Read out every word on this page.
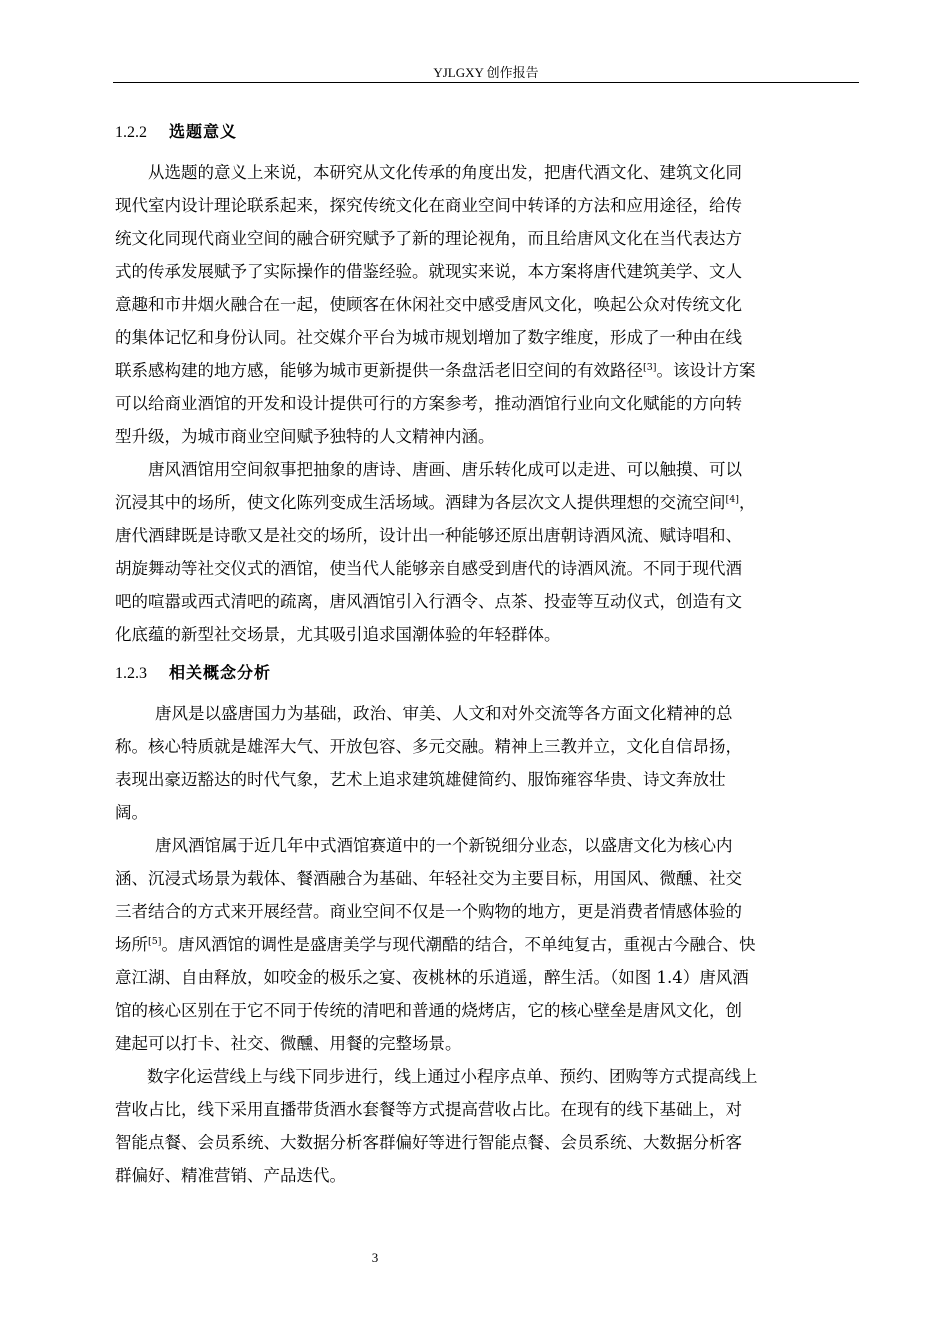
YJLGXY 创作报告
1.2.2 选题意义
从选题的意义上来说，本研究从文化传承的角度出发，把唐代酒文化、建筑文化同
现代室内设计理论联系起来，探究传统文化在商业空间中转译的方法和应用途径，给传
统文化同现代商业空间的融合研究赋予了新的理论视角，而且给唐风文化在当代表达方
式的传承发展赋予了实际操作的借鉴经验。就现实来说，本方案将唐代建筑美学、文人
意趣和市井烟火融合在一起，使顾客在休闲社交中感受唐风文化，唤起公众对传统文化
的集体记忆和身份认同。社交媒介平台为城市规划增加了数字维度，形成了一种由在线
联系感构建的地方感，能够为城市更新提供一条盘活老旧空间的有效路径[3]。该设计方案
可以给商业酒馆的开发和设计提供可行的方案参考，推动酒馆行业向文化赋能的方向转
型升级，为城市商业空间赋予独特的人文精神内涵。
唐风酒馆用空间叙事把抽象的唐诗、唐画、唐乐转化成可以走进、可以触摸、可以
沉浸其中的场所，使文化陈列变成生活场域。酒肆为各层次文人提供理想的交流空间[4]，
唐代酒肆既是诗歌又是社交的场所，设计出一种能够还原出唐朝诗酒风流、赋诗唱和、
胡旋舞动等社交仪式的酒馆，使当代人能够亲自感受到唐代的诗酒风流。不同于现代酒
吧的喧嚣或西式清吧的疏离，唐风酒馆引入行酒令、点茶、投壶等互动仪式，创造有文
化底蕴的新型社交场景，尤其吸引追求国潮体验的年轻群体。
1.2.3 相关概念分析
唐风是以盛唐国力为基础，政治、审美、人文和对外交流等各方面文化精神的总
称。核心特质就是雄浑大气、开放包容、多元交融。精神上三教并立，文化自信昂扬，
表现出豪迈豁达的时代气象，艺术上追求建筑雄健简约、服饰雍容华贵、诗文奔放壮
阔。
唐风酒馆属于近几年中式酒馆赛道中的一个新锐细分业态，以盛唐文化为核心内
涵、沉浸式场景为载体、餐酒融合为基础、年轻社交为主要目标，用国风、微醺、社交
三者结合的方式来开展经营。商业空间不仅是一个购物的地方，更是消费者情感体验的
场所[5]。唐风酒馆的调性是盛唐美学与现代潮酷的结合，不单纯复古，重视古今融合、快
意江湖、自由释放，如咬金的极乐之宴、夜桃林的乐逍遥，醉生活。（如图 1.4）唐风酒
馆的核心区别在于它不同于传统的清吧和普通的烧烤店，它的核心壁垒是唐风文化，创
建起可以打卡、社交、微醺、用餐的完整场景。
数字化运营线上与线下同步进行，线上通过小程序点单、预约、团购等方式提高线上
营收占比，线下采用直播带货酒水套餐等方式提高营收占比。在现有的线下基础上，对
智能点餐、会员系统、大数据分析客群偏好等进行智能点餐、会员系统、大数据分析客
群偏好、精准营销、产品迭代。
3
